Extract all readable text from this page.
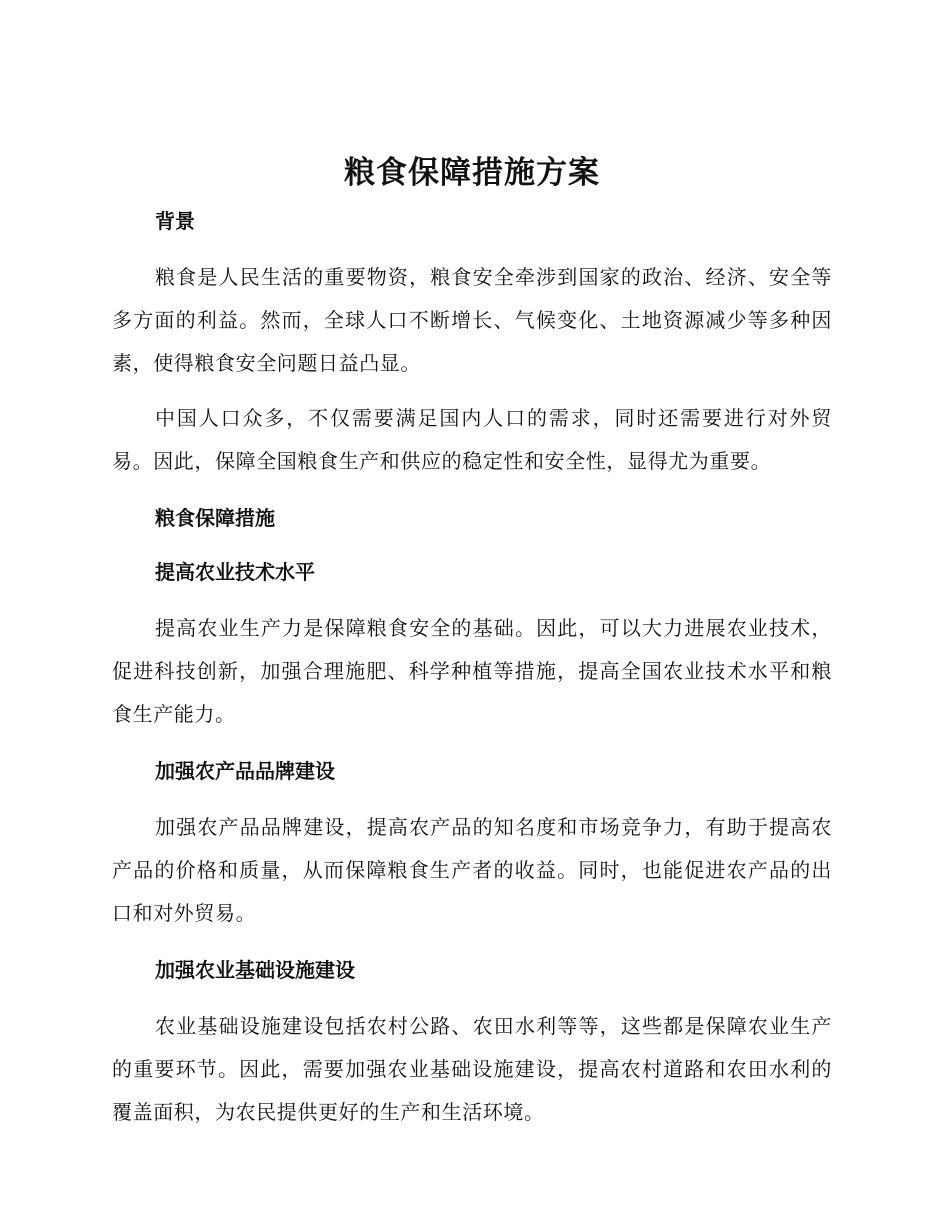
粮食保障措施方案
背景

粮食是人民生活的重要物资，粮食安全牵涉到国家的政治、经济、安全等多方面的利益。然而，全球人口不断增长、气候变化、土地资源减少等多种因素，使得粮食安全问题日益凸显。

中国人口众多，不仅需要满足国内人口的需求，同时还需要进行对外贸易。因此，保障全国粮食生产和供应的稳定性和安全性，显得尤为重要。

粮食保障措施
提高农业技术水平

提高农业生产力是保障粮食安全的基础。因此，可以大力进展农业技术，促进科技创新，加强合理施肥、科学种植等措施，提高全国农业技术水平和粮食生产能力。

加强农产品品牌建设

加强农产品品牌建设，提高农产品的知名度和市场竞争力，有助于提高农产品的价格和质量，从而保障粮食生产者的收益。同时，也能促进农产品的出口和对外贸易。

加强农业基础设施建设

农业基础设施建设包括农村公路、农田水利等等，这些都是保障农业生产的重要环节。因此，需要加强农业基础设施建设，提高农村道路和农田水利的覆盖面积，为农民提供更好的生产和生活环境。
